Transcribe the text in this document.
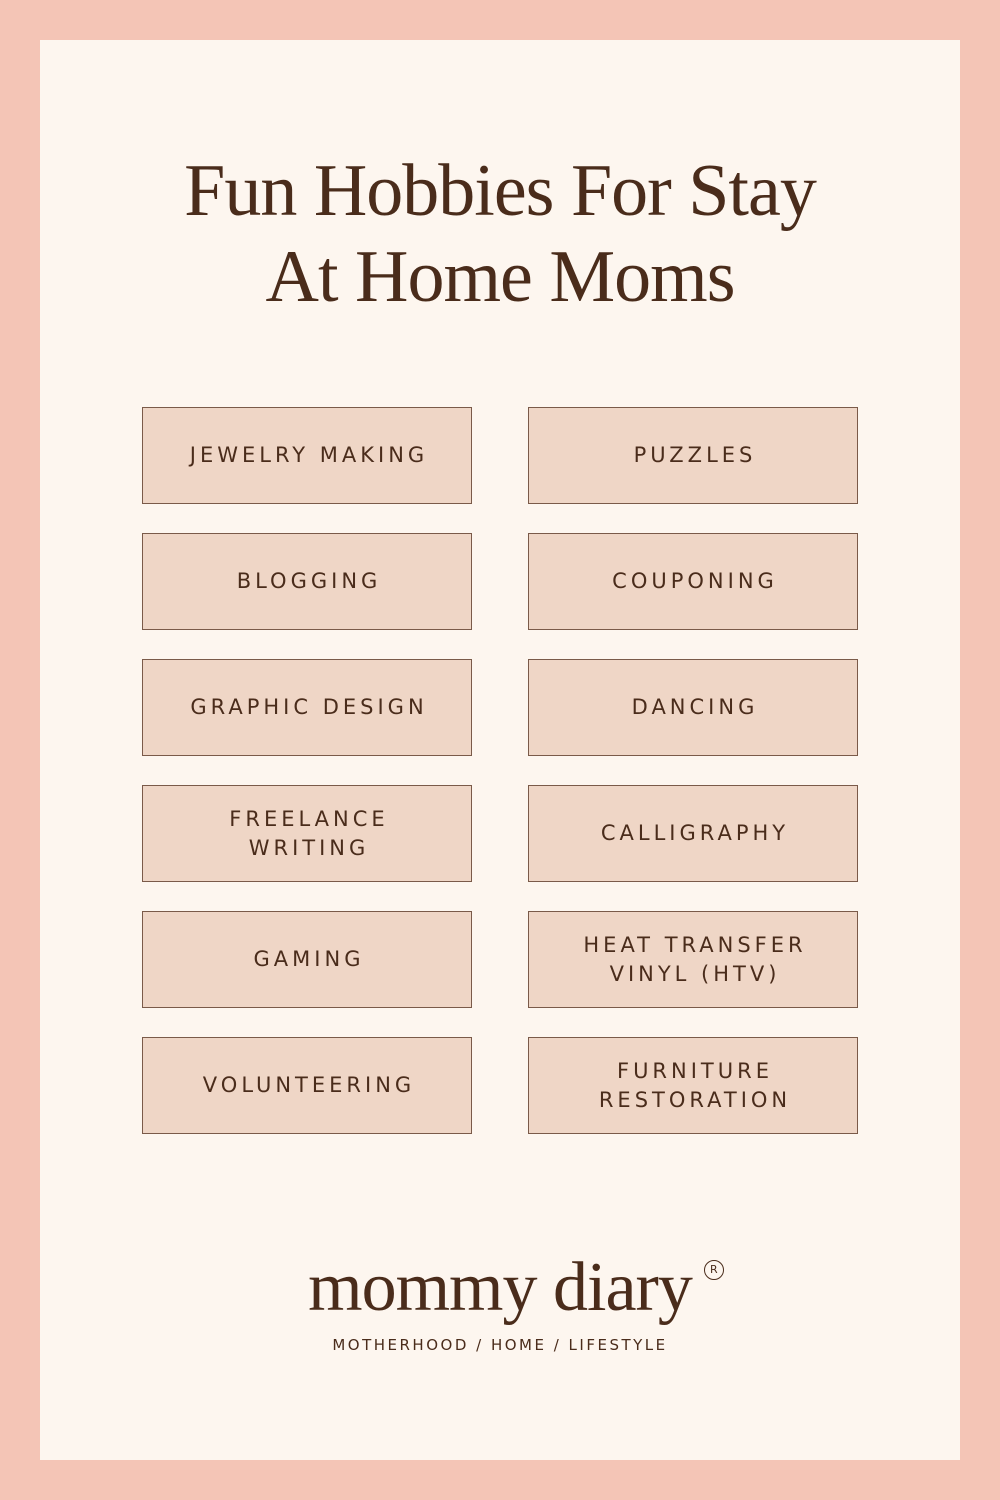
Fun Hobbies For Stay
At Home Moms
JEWELRY MAKING
BLOGGING
GRAPHIC DESIGN
FREELANCE
WRITING
GAMING
VOLUNTEERING
PUZZLES
COUPONING
DANCING
CALLIGRAPHY
HEAT TRANSFER
VINYL (HTV)
FURNITURE
RESTORATION
mommy diary	R
MOTHERHOOD / HOME / LIFESTYLE
